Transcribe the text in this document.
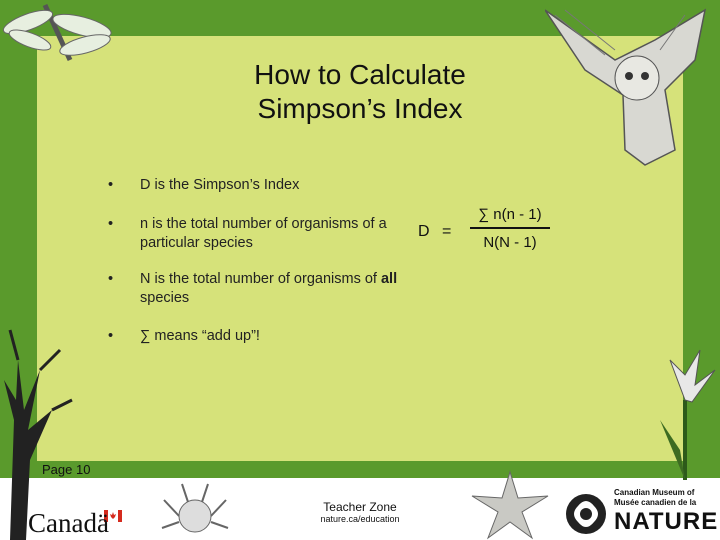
Canadä
How to Calculate
Simpson’s Index
• D is the Simpson’s Index
• n is the total number of organisms of a particular species
• N is the total number of organisms of all species
• ∑ means “add up”!
D =
∑ n(n - 1)
N(N - 1)
Page 10
Teacher Zone
nature.ca/education
Canadian Museum of
Musée canadien de la
NATURE
